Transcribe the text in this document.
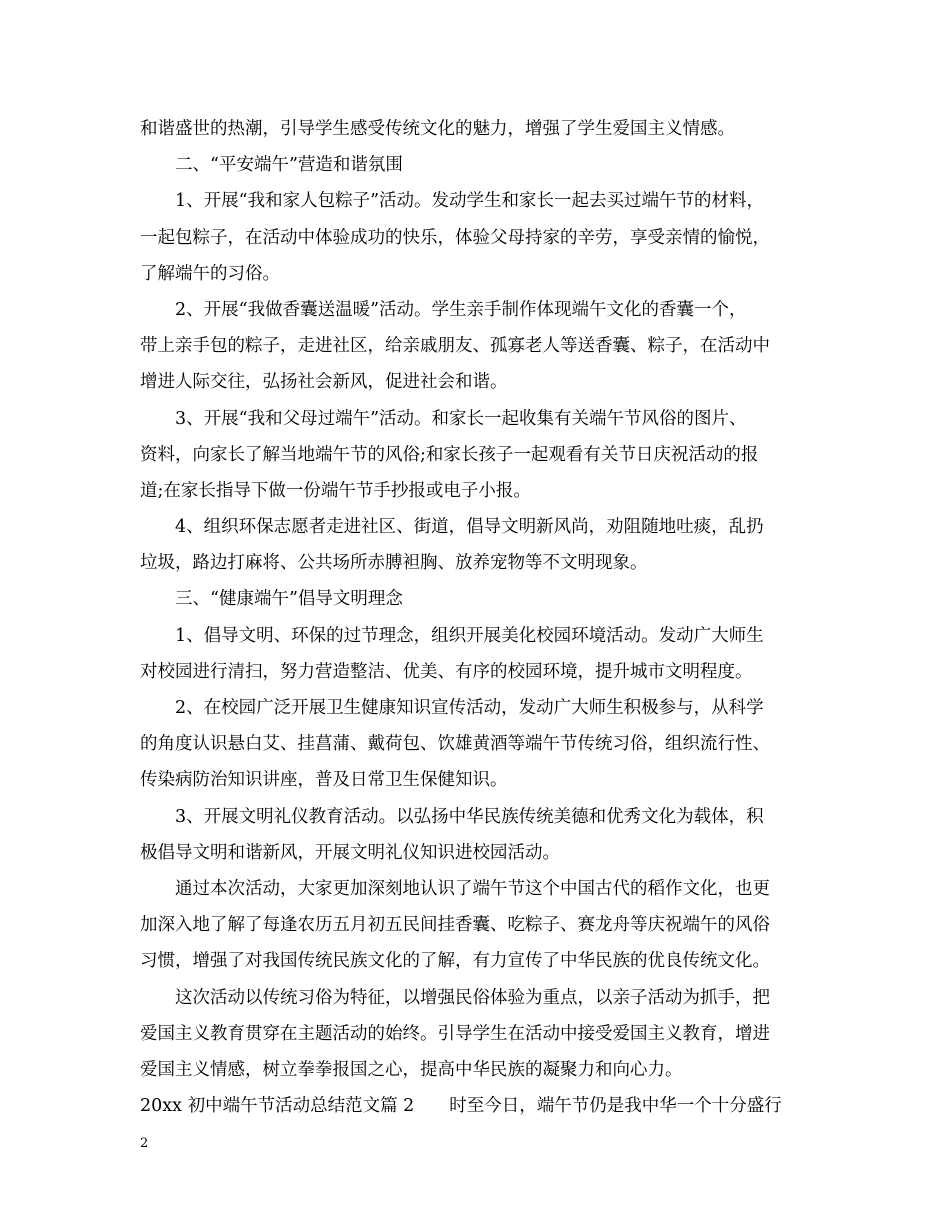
和谐盛世的热潮，引导学生感受传统文化的魅力，增强了学生爱国主义情感。
二、“平安端午”营造和谐氛围
1、开展“我和家人包粽子”活动。发动学生和家长一起去买过端午节的材料，
一起包粽子，在活动中体验成功的快乐，体验父母持家的辛劳，享受亲情的愉悦，
了解端午的习俗。
2、开展“我做香囊送温暖”活动。学生亲手制作体现端午文化的香囊一个，
带上亲手包的粽子，走进社区，给亲戚朋友、孤寡老人等送香囊、粽子，在活动中
增进人际交往，弘扬社会新风，促进社会和谐。
3、开展“我和父母过端午”活动。和家长一起收集有关端午节风俗的图片、
资料，向家长了解当地端午节的风俗;和家长孩子一起观看有关节日庆祝活动的报
道;在家长指导下做一份端午节手抄报或电子小报。
4、组织环保志愿者走进社区、街道，倡导文明新风尚，劝阻随地吐痰，乱扔
垃圾，路边打麻将、公共场所赤膊袒胸、放养宠物等不文明现象。
三、“健康端午”倡导文明理念
1、倡导文明、环保的过节理念，组织开展美化校园环境活动。发动广大师生
对校园进行清扫，努力营造整洁、优美、有序的校园环境，提升城市文明程度。
2、在校园广泛开展卫生健康知识宣传活动，发动广大师生积极参与，从科学
的角度认识悬白艾、挂菖蒲、戴荷包、饮雄黄酒等端午节传统习俗，组织流行性、
传染病防治知识讲座，普及日常卫生保健知识。
3、开展文明礼仪教育活动。以弘扬中华民族传统美德和优秀文化为载体，积
极倡导文明和谐新风，开展文明礼仪知识进校园活动。
通过本次活动，大家更加深刻地认识了端午节这个中国古代的稻作文化，也更
加深入地了解了每逢农历五月初五民间挂香囊、吃粽子、赛龙舟等庆祝端午的风俗
习惯，增强了对我国传统民族文化的了解，有力宣传了中华民族的优良传统文化。
这次活动以传统习俗为特征，以增强民俗体验为重点，以亲子活动为抓手，把
爱国主义教育贯穿在主题活动的始终。引导学生在活动中接受爱国主义教育，增进
爱国主义情感，树立拳拳报国之心，提高中华民族的凝聚力和向心力。
20xx 初中端午节活动总结范文篇 2　　时至今日，端午节仍是我中华一个十分盛行
2
